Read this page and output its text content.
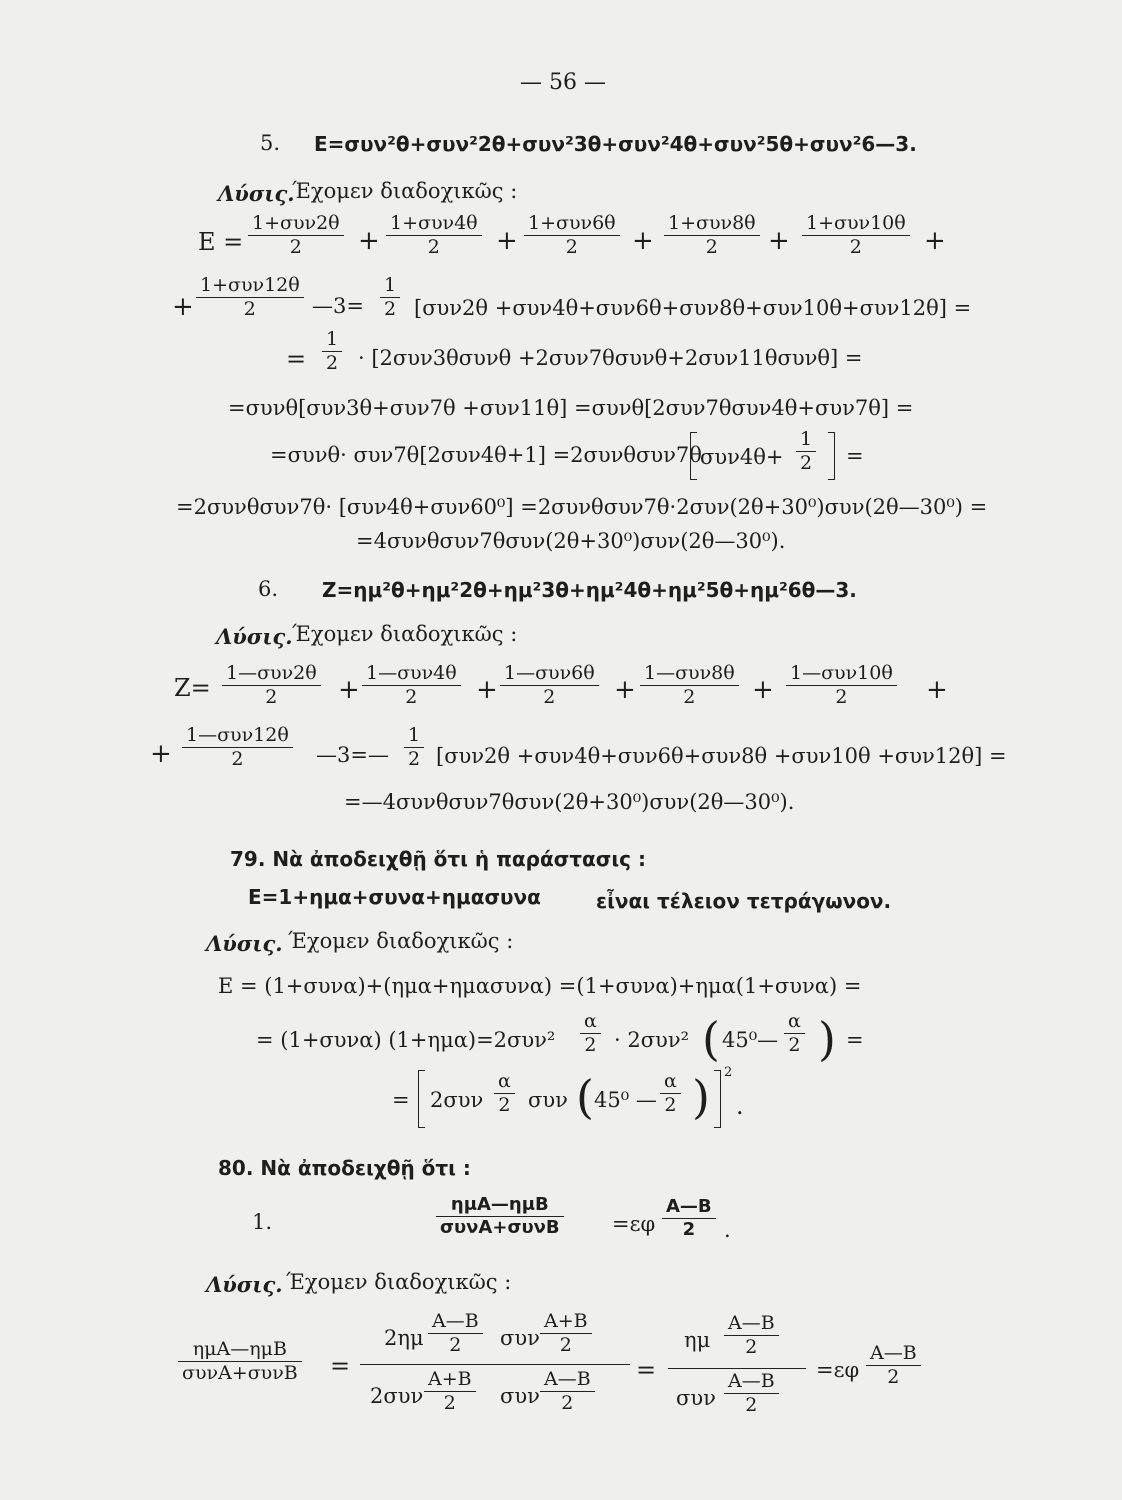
— 56 —
5. E=συν²θ+συν²2θ+συν²3θ+συν²4θ+συν²5θ+συν²6—3.
Λύσις.
Έχομεν διαδοχικῶς :
E =
1+συν2θ
2 +
1+συν4θ
2 +
1+συν6θ
2 +
1+συν8θ
2 +
1+συν10θ
2 +
+
1+συν12θ
2	—3=
1
2 [συν2θ +συν4θ+συν6θ+συν8θ+συν10θ+συν12θ] =
=
1
2 · [2συν3θσυνθ +2συν7θσυνθ+2συν11θσυνθ] =
=συνθ[συν3θ+συν7θ +συν11θ] =συνθ[2συν7θσυν4θ+συν7θ] =
=συνθ· συν7θ[2συν4θ+1] =2συνθσυν7θ
συν4θ+
1
2 =
=2συνθσυν7θ· [συν4θ+συν60⁰] =2συνθσυν7θ·2συν(2θ+30⁰)συν(2θ—30⁰) =
=4συνθσυν7θσυν(2θ+30⁰)συν(2θ—30⁰).
6. Z=ημ²θ+ημ²2θ+ημ²3θ+ημ²4θ+ημ²5θ+ημ²6θ—3.
Λύσις. Έχομεν διαδοχικῶς :
Z=
1—συν2θ
2 +
1—συν4θ
2 +
1—συν6θ
2 +
1—συν8θ
2 +
1—συν10θ
2	+
+
1—συν12θ
2	—3=—
1
2 [συν2θ +συν4θ+συν6θ+συν8θ +συν10θ +συν12θ] =
=—4συνθσυν7θσυν(2θ+30⁰)συν(2θ—30⁰).
79. Νὰ ἀποδειχθῇ ὅτι ἡ παράστασις :
E=1+ημα+συνα+ημασυνα	εἶναι τέλειον τετράγωνον.
Λύσις. Έχομεν διαδοχικῶς :
E = (1+συνα)+(ημα+ημασυνα) =(1+συνα)+ημα(1+συνα) =
= (1+συνα) (1+ημα)=2συν²
α
2 · 2συν² ( 45⁰—
α
2 ) =
= 2συν
α
2 συν ( 45⁰ —
α
2 ) 2
.
80. Νὰ ἀποδειχθῇ ὅτι :
1.
ημΑ—ημΒ
συνΑ+συνΒ =εφ
Α—Β
2 .
Λύσις. Έχομεν διαδοχικῶς :
ημΑ—ημΒ
συνΑ+συνΒ =
2ημ
Α—Β
2 συν
Α+Β
2
2συν
Α+Β
2 συν
Α—Β
2
=
ημ
Α—Β
2
συν
Α—Β
2
=εφ
Α—Β
2
